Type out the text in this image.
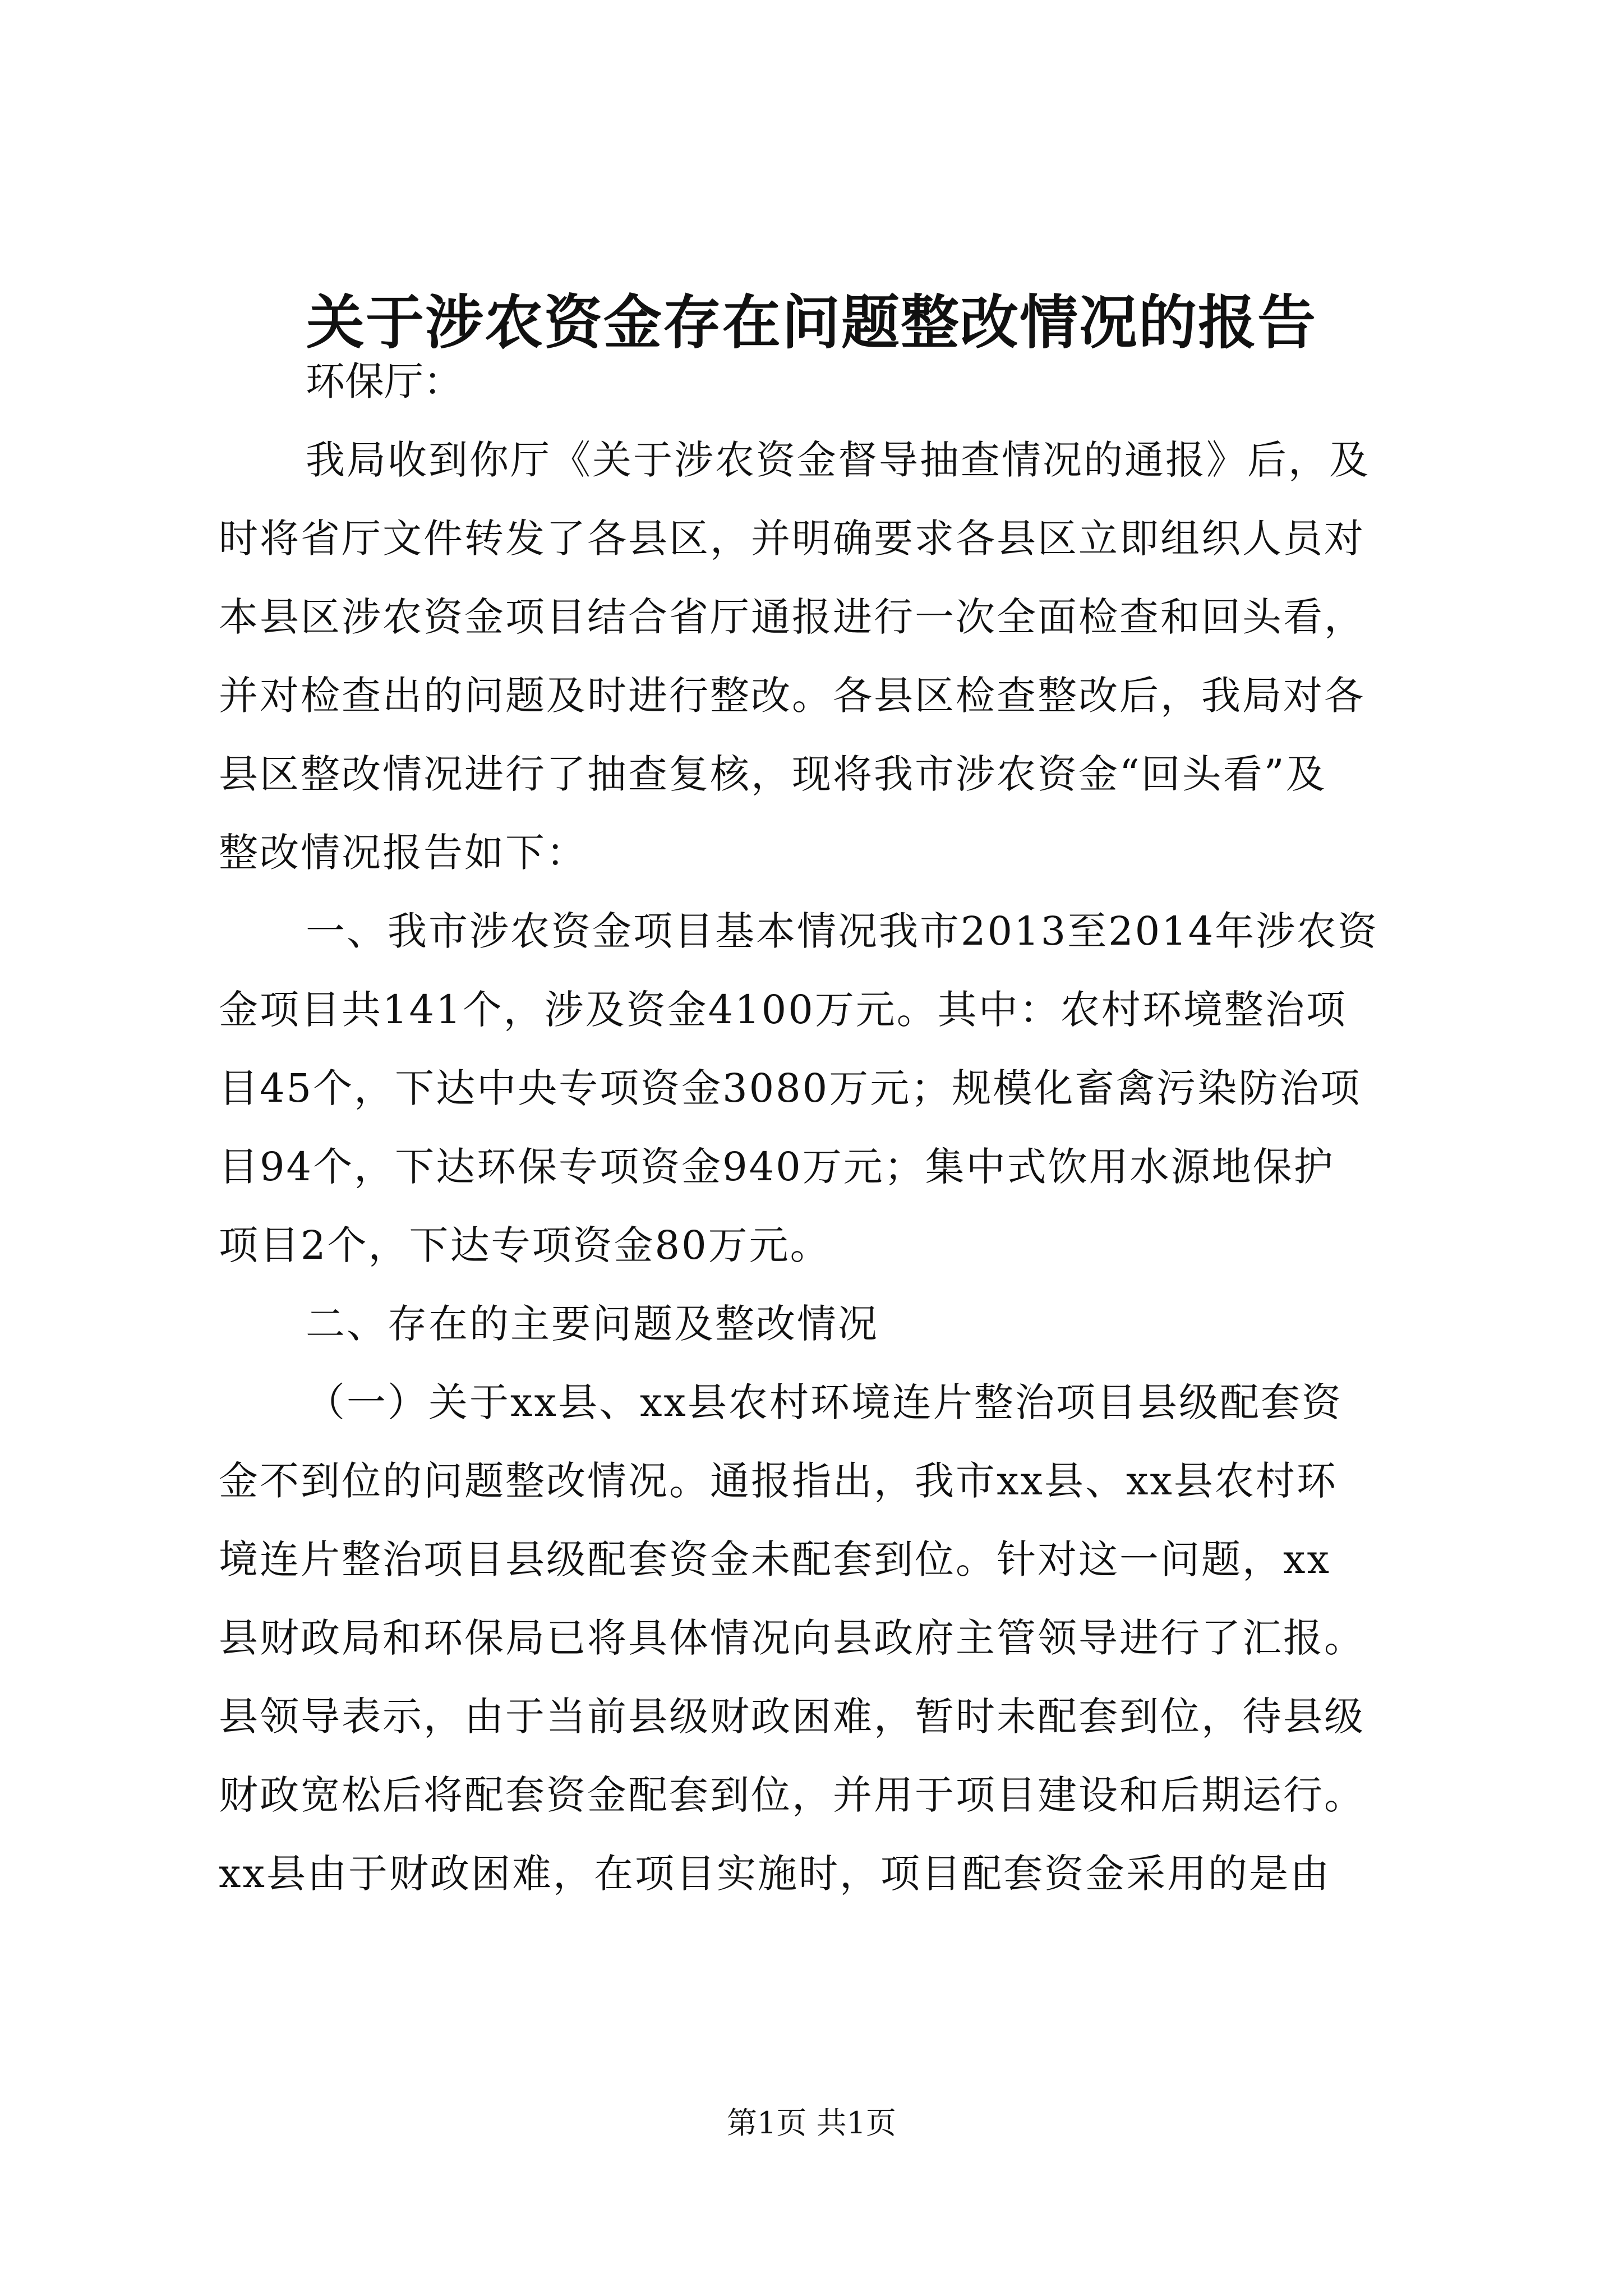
关于涉农资金存在问题整改情况的报告

环保厅：

我局收到你厅《关于涉农资金督导抽查情况的通报》后，及

时将省厅文件转发了各县区，并明确要求各县区立即组织人员对

本县区涉农资金项目结合省厅通报进行一次全面检查和回头看，

并对检查出的问题及时进行整改。各县区检查整改后，我局对各

县区整改情况进行了抽查复核，现将我市涉农资金“回头看”及

整改情况报告如下：

一、我市涉农资金项目基本情况我市2013至2014年涉农资

金项目共141个，涉及资金4100万元。其中：农村环境整治项

目45个，下达中央专项资金3080万元；规模化畜禽污染防治项

目94个，下达环保专项资金940万元；集中式饮用水源地保护

项目2个，下达专项资金80万元。

二、存在的主要问题及整改情况

（一）关于xx县、xx县农村环境连片整治项目县级配套资

金不到位的问题整改情况。通报指出，我市xx县、xx县农村环

境连片整治项目县级配套资金未配套到位。针对这一问题，xx

县财政局和环保局已将具体情况向县政府主管领导进行了汇报。

县领导表示，由于当前县级财政困难，暂时未配套到位，待县级

财政宽松后将配套资金配套到位，并用于项目建设和后期运行。

xx县由于财政困难，在项目实施时，项目配套资金采用的是由

第1页 共1页
